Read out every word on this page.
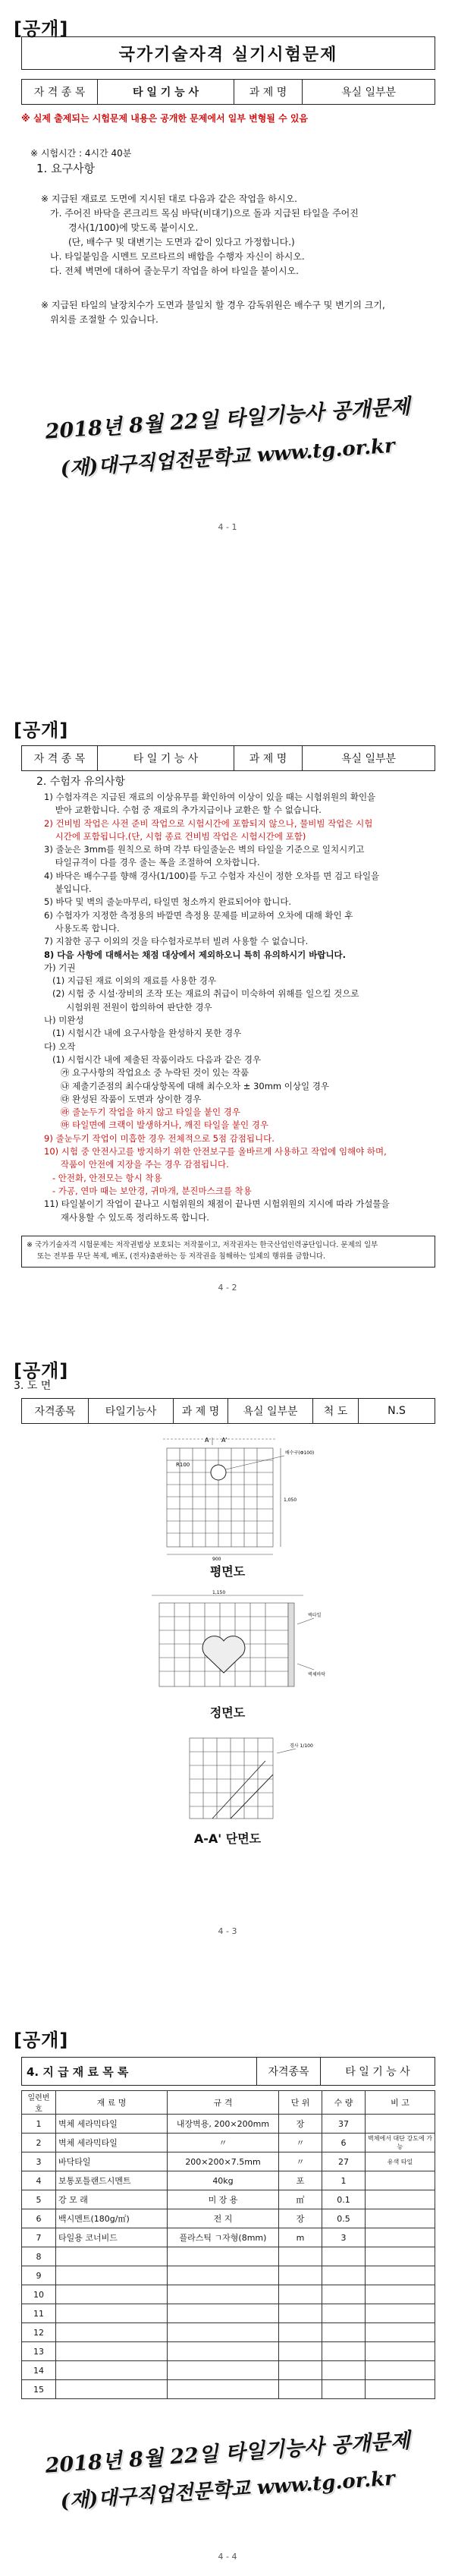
[공개]
국가기술자격 실기시험문제
자 격 종 목	타 일 기 능 사	과 제 명	욕실 일부분
※ 실제 출제되는 시험문제 내용은 공개한 문제에서 일부 변형될 수 있음
※ 시험시간 : 4시간 40분
1. 요구사항
※ 지급된 재료로 도면에 지시된 대로 다음과 같은 작업을 하시오.
가. 주어진 바닥을 콘크리트 목심 바닥(비대기)으로 돌과 지급된 타일을 주어진
경사(1/100)에 맞도록 붙이시오.
(단, 배수구 및 대변기는 도면과 같이 있다고 가정합니다.)
나. 타일붙임을 시멘트 모르타르의 배합을 수행자 자신이 하시오.
다. 전체 벽면에 대하여 줄눈무기 작업을 하여 타일을 붙이시오.
※ 지급된 타일의 날장치수가 도면과 불일치 할 경우 감독위원은 배수구 및 변기의 크기,
위치를 조절할 수 있습니다.
2018년 8월 22일 타일기능사 공개문제
(재)대구직업전문학교 www.tg.or.kr
4 - 1
[공개]
자 격 종 목	타 일 기 능 사	과 제 명	욕실 일부분
2. 수험자 유의사항
1) 수험자격은 지급된 재료의 이상유무를 확인하여 이상이 있을 때는 시험위원의 확인을
받아 교환합니다. 수험 중 재료의 추가지급이나 교환은 할 수 없습니다.
2) 건비빔 작업은 사전 준비 작업으로 시험시간에 포함되지 않으나, 물비빔 작업은 시험
시간에 포함됩니다.(단, 시험 종료 건비빔 작업은 시험시간에 포함)
3) 줄눈은 3mm를 원칙으로 하며 각부 타일줄눈은 벽의 타일을 기준으로 일치시키고
타일규격이 다를 경우 줄는 폭을 조절하여 오차합니다.
4) 바닥은 배수구를 향해 경사(1/100)를 두고 수험자 자신이 정한 오차를 면 검고 타일을
붙입니다.
5) 바닥 및 벽의 줄눈마무리, 타일면 청소까지 완료되어야 합니다.
6) 수험자가 지정한 측정용의 바깥면 측정용 문제를 비교하여 오차에 대해 확인 후
사용도록 합니다.
7) 지참한 공구 이외의 것을 타수험자로부터 빌려 사용할 수 없습니다.
8) 다음 사항에 대해서는 채점 대상에서 제외하오니 특히 유의하시기 바랍니다.
가) 기권
(1) 지급된 재료 이외의 재료를 사용한 경우
(2) 시험 중 시설·장비의 조작 또는 재료의 취급이 미숙하여 위해를 일으킬 것으로
시험위원 전원이 합의하여 판단한 경우
나) 미완성
(1) 시험시간 내에 요구사항을 완성하지 못한 경우
다) 오작
(1) 시험시간 내에 제출된 작품이라도 다음과 같은 경우
㉮ 요구사항의 작업요소 중 누락된 것이 있는 작품
㉯ 제출기준점의 최수대상항목에 대해 최수오차 ± 30mm 이상일 경우
㉰ 완성된 작품이 도면과 상이한 경우
㉱ 줄눈두기 작업을 하지 않고 타일을 붙인 경우
㉲ 타일면에 크랙이 발생하거나, 깨진 타일을 붙인 경우
9) 줄눈두기 작업이 미흡한 경우 전체적으로 5점 감점됩니다.
10) 시험 중 안전사고를 방지하기 위한 안전보구를 올바르게 사용하고 작업에 임해야 하며,
작품이 안전에 지장을 주는 경우 감점됩니다.
- 안전화, 안전모는 항시 착용
- 가공, 연마 때는 보안경, 귀마개, 분진마스크를 착용
11) 타일붙이기 작업이 끝나고 시험위원의 채점이 끝나면 시험위원의 지시에 따라 가설물을
재사용할 수 있도록 정리하도록 합니다.
※ 국가기술자격 시험문제는 저작권법상 보호되는 저작물이고, 저작권자는 한국산업인력공단입니다. 문제의 일부
또는 전부를 무단 복제, 배포, (전자)출판하는 등 저작권을 침해하는 일체의 행위를 금합니다.
4 - 2
[공개]
3. 도 면
자격종목	타일기능사	과 제 명	욕실 일부분	척 도	N.S
A A'
R100
배수구(Φ100)
1,050
900
평면도
1,150
벽타일
벽체바닥
정면도
경사 1/100
A-A' 단면도
4 - 3
[공개]
4. 지 급 재 료 목 록	자격종목	타 일 기 능 사
일련번호	재 료 명	규 격	단 위	수 량	비 고
1	벽체 세라믹타일	내장벽용, 200×200mm	장	37	
2	벽체 세라믹타일	〃	〃	6	벽체에서 대단 강도에 가능
3	바닥타일	200×200×7.5mm	〃	27	유색 타일
4	보통포틀랜드시멘트	40kg	포	1	
5	강 모 래	미 장 용	㎥	0.1	
6	백시멘트(180g/㎡)	전 지	장	0.5	
7	타일용 코너비드	플라스틱 ㄱ자형(8mm)	m	3	
8					
9					
10					
11					
12					
13					
14					
15					
2018년 8월 22일 타일기능사 공개문제
(재)대구직업전문학교 www.tg.or.kr
4 - 4
